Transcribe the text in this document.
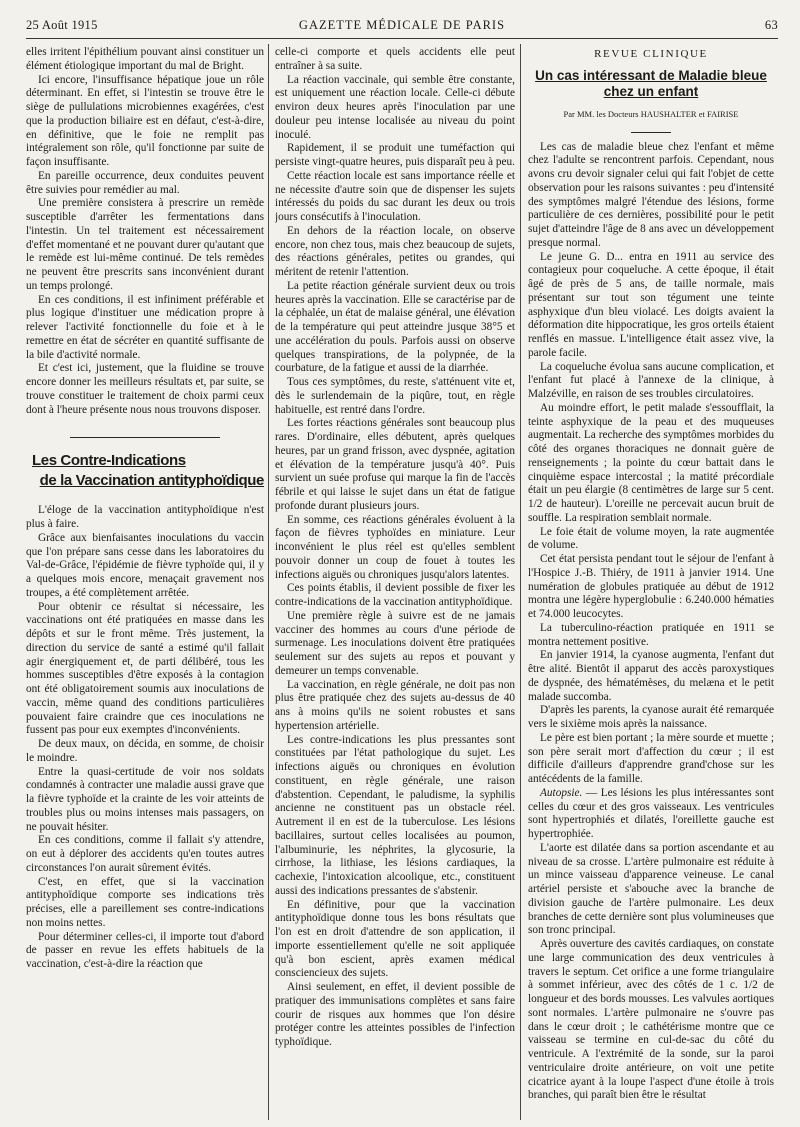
25 Août 1915	GAZETTE MÉDICALE DE PARIS	63

elles irritent l'épithélium pouvant ainsi constituer un élément étiologique important du mal de Bright.

Ici encore, l'insuffisance hépatique joue un rôle déterminant. En effet, si l'intestin se trouve être le siège de pullulations microbiennes exagérées, c'est que la production biliaire est en défaut, c'est-à-dire, en définitive, que le foie ne remplit pas intégralement son rôle, qu'il fonctionne par suite de façon insuffisante.

En pareille occurrence, deux conduites peuvent être suivies pour remédier au mal.

Une première consistera à prescrire un remède susceptible d'arrêter les fermentations dans l'intestin. Un tel traitement est nécessairement d'effet momentané et ne pouvant durer qu'autant que le remède est lui-même continué. De tels remèdes ne peuvent être prescrits sans inconvénient durant un temps prolongé.

En ces conditions, il est infiniment préférable et plus logique d'instituer une médication propre à relever l'activité fonctionnelle du foie et à le remettre en état de sécréter en quantité suffisante de la bile d'activité normale.

Et c'est ici, justement, que la fluidine se trouve encore donner les meilleurs résultats et, par suite, se trouve constituer le traitement de choix parmi ceux dont à l'heure présente nous nous trouvons disposer.

Les Contre-Indications
de la Vaccination antityphoïdique

L'éloge de la vaccination antityphoïdique n'est plus à faire.

Grâce aux bienfaisantes inoculations du vaccin que l'on prépare sans cesse dans les laboratoires du Val-de-Grâce, l'épidémie de fièvre typhoïde qui, il y a quelques mois encore, menaçait gravement nos troupes, a été complètement arrêtée.

Pour obtenir ce résultat si nécessaire, les vaccinations ont été pratiquées en masse dans les dépôts et sur le front même. Très justement, la direction du service de santé a estimé qu'il fallait agir énergiquement et, de parti délibéré, tous les hommes susceptibles d'être exposés à la contagion ont été obligatoirement soumis aux inoculations de vaccin, même quand des conditions particulières pouvaient faire craindre que ces inoculations ne fussent pas pour eux exemptes d'inconvénients.

De deux maux, on décida, en somme, de choisir le moindre.

Entre la quasi-certitude de voir nos soldats condamnés à contracter une maladie aussi grave que la fièvre typhoïde et la crainte de les voir atteints de troubles plus ou moins intenses mais passagers, on ne pouvait hésiter.

En ces conditions, comme il fallait s'y attendre, on eut à déplorer des accidents qu'en toutes autres circonstances l'on aurait sûrement évités.

C'est, en effet, que si la vaccination antityphoïdique comporte ses indications très précises, elle a pareillement ses contre-indications non moins nettes.

Pour déterminer celles-ci, il importe tout d'abord de passer en revue les effets habituels de la vaccination, c'est-à-dire la réaction que

celle-ci comporte et quels accidents elle peut entraîner à sa suite.

La réaction vaccinale, qui semble être constante, est uniquement une réaction locale. Celle-ci débute environ deux heures après l'inoculation par une douleur peu intense localisée au niveau du point inoculé.

Rapidement, il se produit une tuméfaction qui persiste vingt-quatre heures, puis disparaît peu à peu.

Cette réaction locale est sans importance réelle et ne nécessite d'autre soin que de dispenser les sujets intéressés du poids du sac durant les deux ou trois jours consécutifs à l'inoculation.

En dehors de la réaction locale, on observe encore, non chez tous, mais chez beaucoup de sujets, des réactions générales, petites ou grandes, qui méritent de retenir l'attention.

La petite réaction générale survient deux ou trois heures après la vaccination. Elle se caractérise par de la céphalée, un état de malaise général, une élévation de la température qui peut atteindre jusque 38°5 et une accélération du pouls. Parfois aussi on observe quelques transpirations, de la polypnée, de la courbature, de la fatigue et aussi de la diarrhée.

Tous ces symptômes, du reste, s'atténuent vite et, dès le surlendemain de la piqûre, tout, en règle habituelle, est rentré dans l'ordre.

Les fortes réactions générales sont beaucoup plus rares. D'ordinaire, elles débutent, après quelques heures, par un grand frisson, avec dyspnée, agitation et élévation de la température jusqu'à 40°. Puis survient un suée profuse qui marque la fin de l'accès fébrile et qui laisse le sujet dans un état de fatigue profonde durant plusieurs jours.

En somme, ces réactions générales évoluent à la façon de fièvres typhoïdes en miniature. Leur inconvénient le plus réel est qu'elles semblent pouvoir donner un coup de fouet à toutes les infections aiguës ou chroniques jusqu'alors latentes.

Ces points établis, il devient possible de fixer les contre-indications de la vaccination antityphoïdique.

Une première règle à suivre est de ne jamais vacciner des hommes au cours d'une période de surmenage. Les inoculations doivent être pratiquées seulement sur des sujets au repos et pouvant y demeurer un temps convenable.

La vaccination, en règle générale, ne doit pas non plus être pratiquée chez des sujets au-dessus de 40 ans à moins qu'ils ne soient robustes et sans hypertension artérielle.

Les contre-indications les plus pressantes sont constituées par l'état pathologique du sujet. Les infections aiguës ou chroniques en évolution constituent, en règle générale, une raison d'abstention. Cependant, le paludisme, la syphilis ancienne ne constituent pas un obstacle réel. Autrement il en est de la tuberculose. Les lésions bacillaires, surtout celles localisées au poumon, l'albuminurie, les néphrites, la glycosurie, la cirrhose, la lithiase, les lésions cardiaques, la cachexie, l'intoxication alcoolique, etc., constituent aussi des indications pressantes de s'abstenir.

En définitive, pour que la vaccination antityphoïdique donne tous les bons résultats que l'on est en droit d'attendre de son application, il importe essentiellement qu'elle ne soit appliquée qu'à bon escient, après examen médical consciencieux des sujets.

Ainsi seulement, en effet, il devient possible de pratiquer des immunisations complètes et sans faire courir de risques aux hommes que l'on désire protéger contre les atteintes possibles de l'infection typhoïdique.

REVUE CLINIQUE
Un cas intéressant de Maladie bleue chez un enfant
Par MM. les Docteurs HAUSHALTER et FAIRISE

Les cas de maladie bleue chez l'enfant et même chez l'adulte se rencontrent parfois. Cependant, nous avons cru devoir signaler celui qui fait l'objet de cette observation pour les raisons suivantes : peu d'intensité des symptômes malgré l'étendue des lésions, forme particulière de ces dernières, possibilité pour le petit sujet d'atteindre l'âge de 8 ans avec un développement presque normal.

Le jeune G. D... entra en 1911 au service des contagieux pour coqueluche. A cette époque, il était âgé de près de 5 ans, de taille normale, mais présentant sur tout son tégument une teinte asphyxique d'un bleu violacé. Les doigts avaient la déformation dite hippocratique, les gros orteils étaient renflés en massue. L'intelligence était assez vive, la parole facile.

La coqueluche évolua sans aucune complication, et l'enfant fut placé à l'annexe de la clinique, à Malzéville, en raison de ses troubles circulatoires.

Au moindre effort, le petit malade s'essoufflait, la teinte asphyxique de la peau et des muqueuses augmentait. La recherche des symptômes morbides du côté des organes thoraciques ne donnait guère de renseignements ; la pointe du cœur battait dans le cinquième espace intercostal ; la matité précordiale était un peu élargie (8 centimètres de large sur 5 cent. 1/2 de hauteur). L'oreille ne percevait aucun bruit de souffle. La respiration semblait normale.

Le foie était de volume moyen, la rate augmentée de volume.

Cet état persista pendant tout le séjour de l'enfant à l'Hospice J.-B. Thiéry, de 1911 à janvier 1914. Une numération de globules pratiquée au début de 1912 montra une légère hyperglobulie : 6.240.000 hématies et 74.000 leucocytes.

La tuberculino-réaction pratiquée en 1911 se montra nettement positive.

En janvier 1914, la cyanose augmenta, l'enfant dut être alité. Bientôt il apparut des accès paroxystiques de dyspnée, des hématémèses, du melæna et le petit malade succomba.

D'après les parents, la cyanose aurait été remarquée vers le sixième mois après la naissance.

Le père est bien portant ; la mère sourde et muette ; son père serait mort d'affection du cœur ; il est difficile d'ailleurs d'apprendre grand'chose sur les antécédents de la famille.

Autopsie. — Les lésions les plus intéressantes sont celles du cœur et des gros vaisseaux. Les ventricules sont hypertrophiés et dilatés, l'oreillette gauche est hypertrophiée.

L'aorte est dilatée dans sa portion ascendante et au niveau de sa crosse. L'artère pulmonaire est réduite à un mince vaisseau d'apparence veineuse. Le canal artériel persiste et s'abouche avec la branche de division gauche de l'artère pulmonaire. Les deux branches de cette dernière sont plus volumineuses que son tronc principal.

Après ouverture des cavités cardiaques, on constate une large communication des deux ventricules à travers le septum. Cet orifice a une forme triangulaire à sommet inférieur, avec des côtés de 1 c. 1/2 de longueur et des bords mousses. Les valvules aortiques sont normales. L'artère pulmonaire ne s'ouvre pas dans le cœur droit ; le cathétérisme montre que ce vaisseau se termine en cul-de-sac du côté du ventricule. A l'extrémité de la sonde, sur la paroi ventriculaire droite antérieure, on voit une petite cicatrice ayant à la loupe l'aspect d'une étoile à trois branches, qui paraît bien être le résultat
